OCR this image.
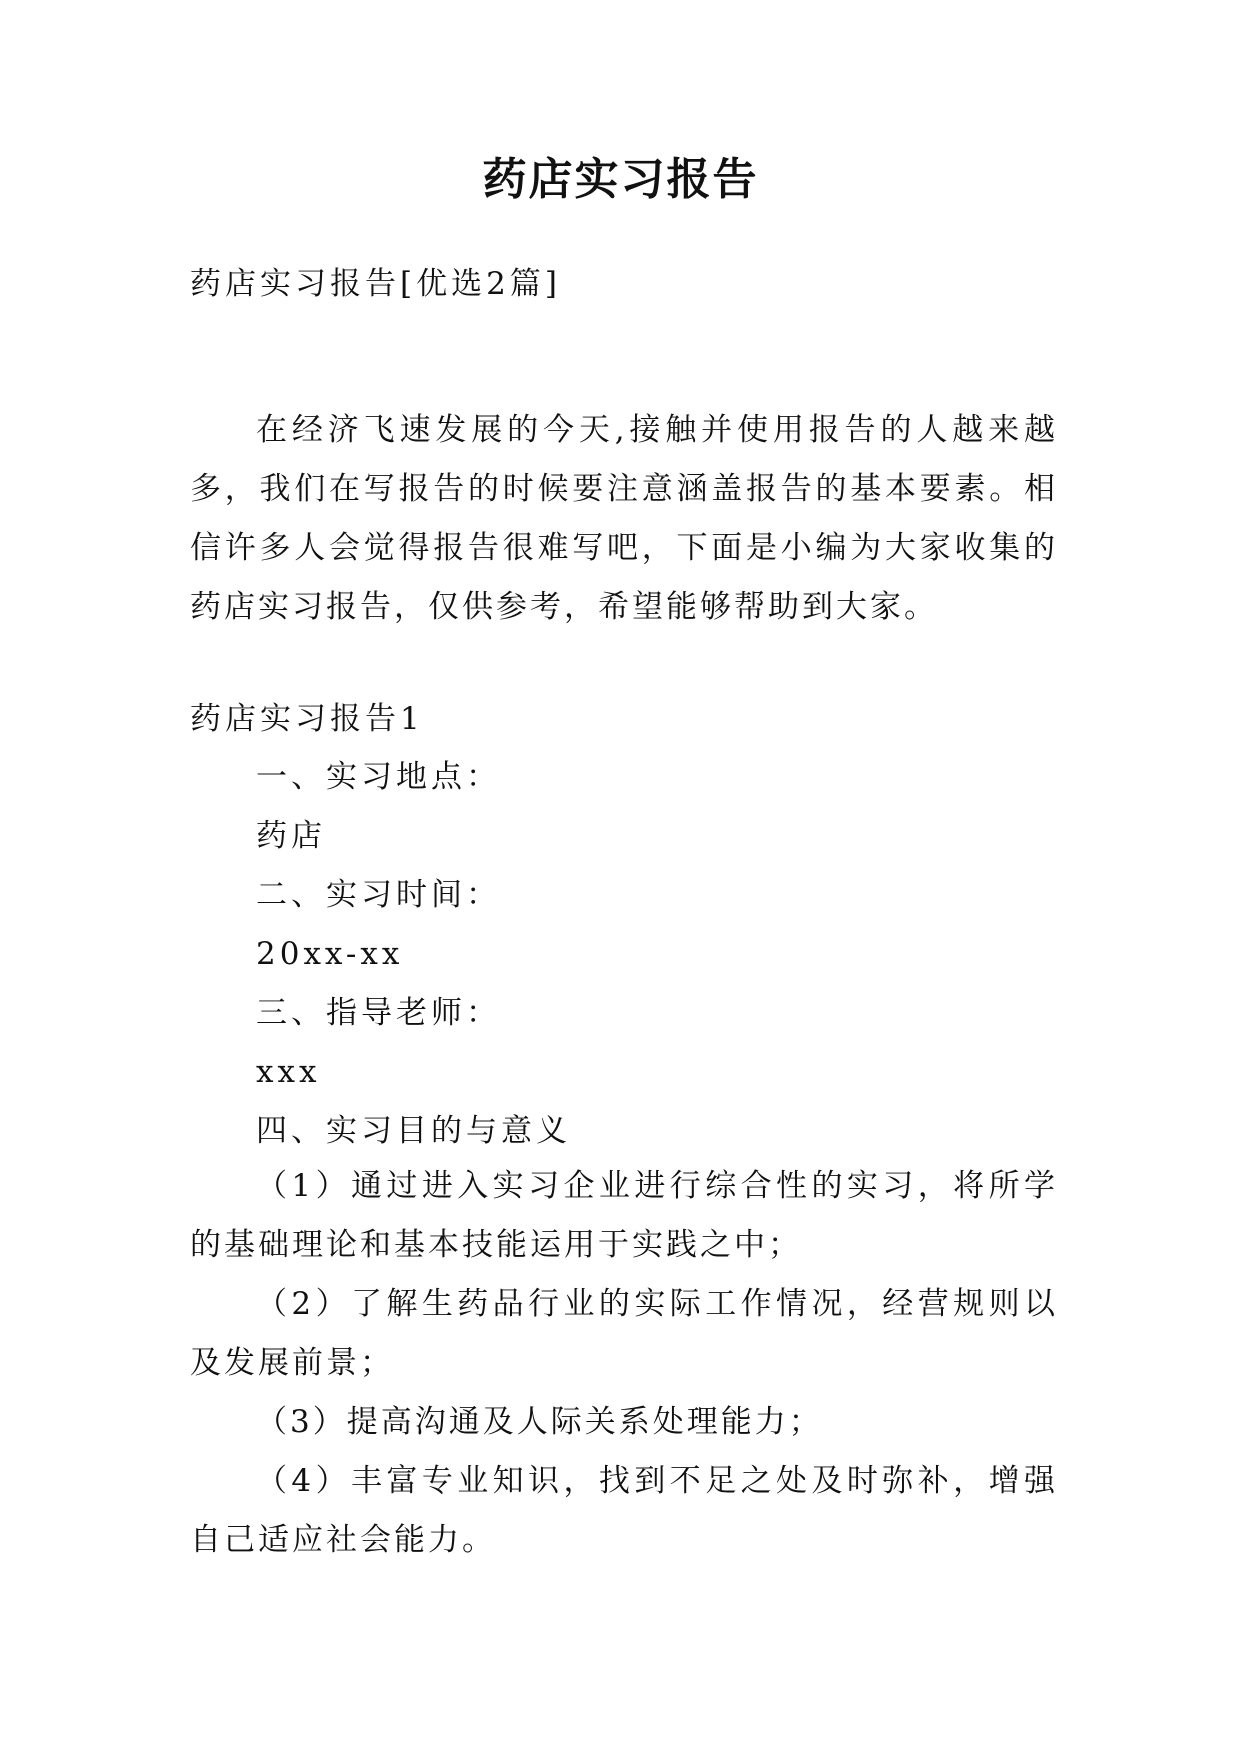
药店实习报告
药店实习报告[优选2篇]
在经济飞速发展的今天,接触并使用报告的人越来越多，我们在写报告的时候要注意涵盖报告的基本要素。相信许多人会觉得报告很难写吧，下面是小编为大家收集的药店实习报告，仅供参考，希望能够帮助到大家。
药店实习报告1
一、实习地点：
药店
二、实习时间：
20xx-xx
三、指导老师：
xxx
四、实习目的与意义
（1）通过进入实习企业进行综合性的实习，将所学的基础理论和基本技能运用于实践之中；
（2）了解生药品行业的实际工作情况，经营规则以及发展前景；
（3）提高沟通及人际关系处理能力；
（4）丰富专业知识，找到不足之处及时弥补，增强自己适应社会能力。
